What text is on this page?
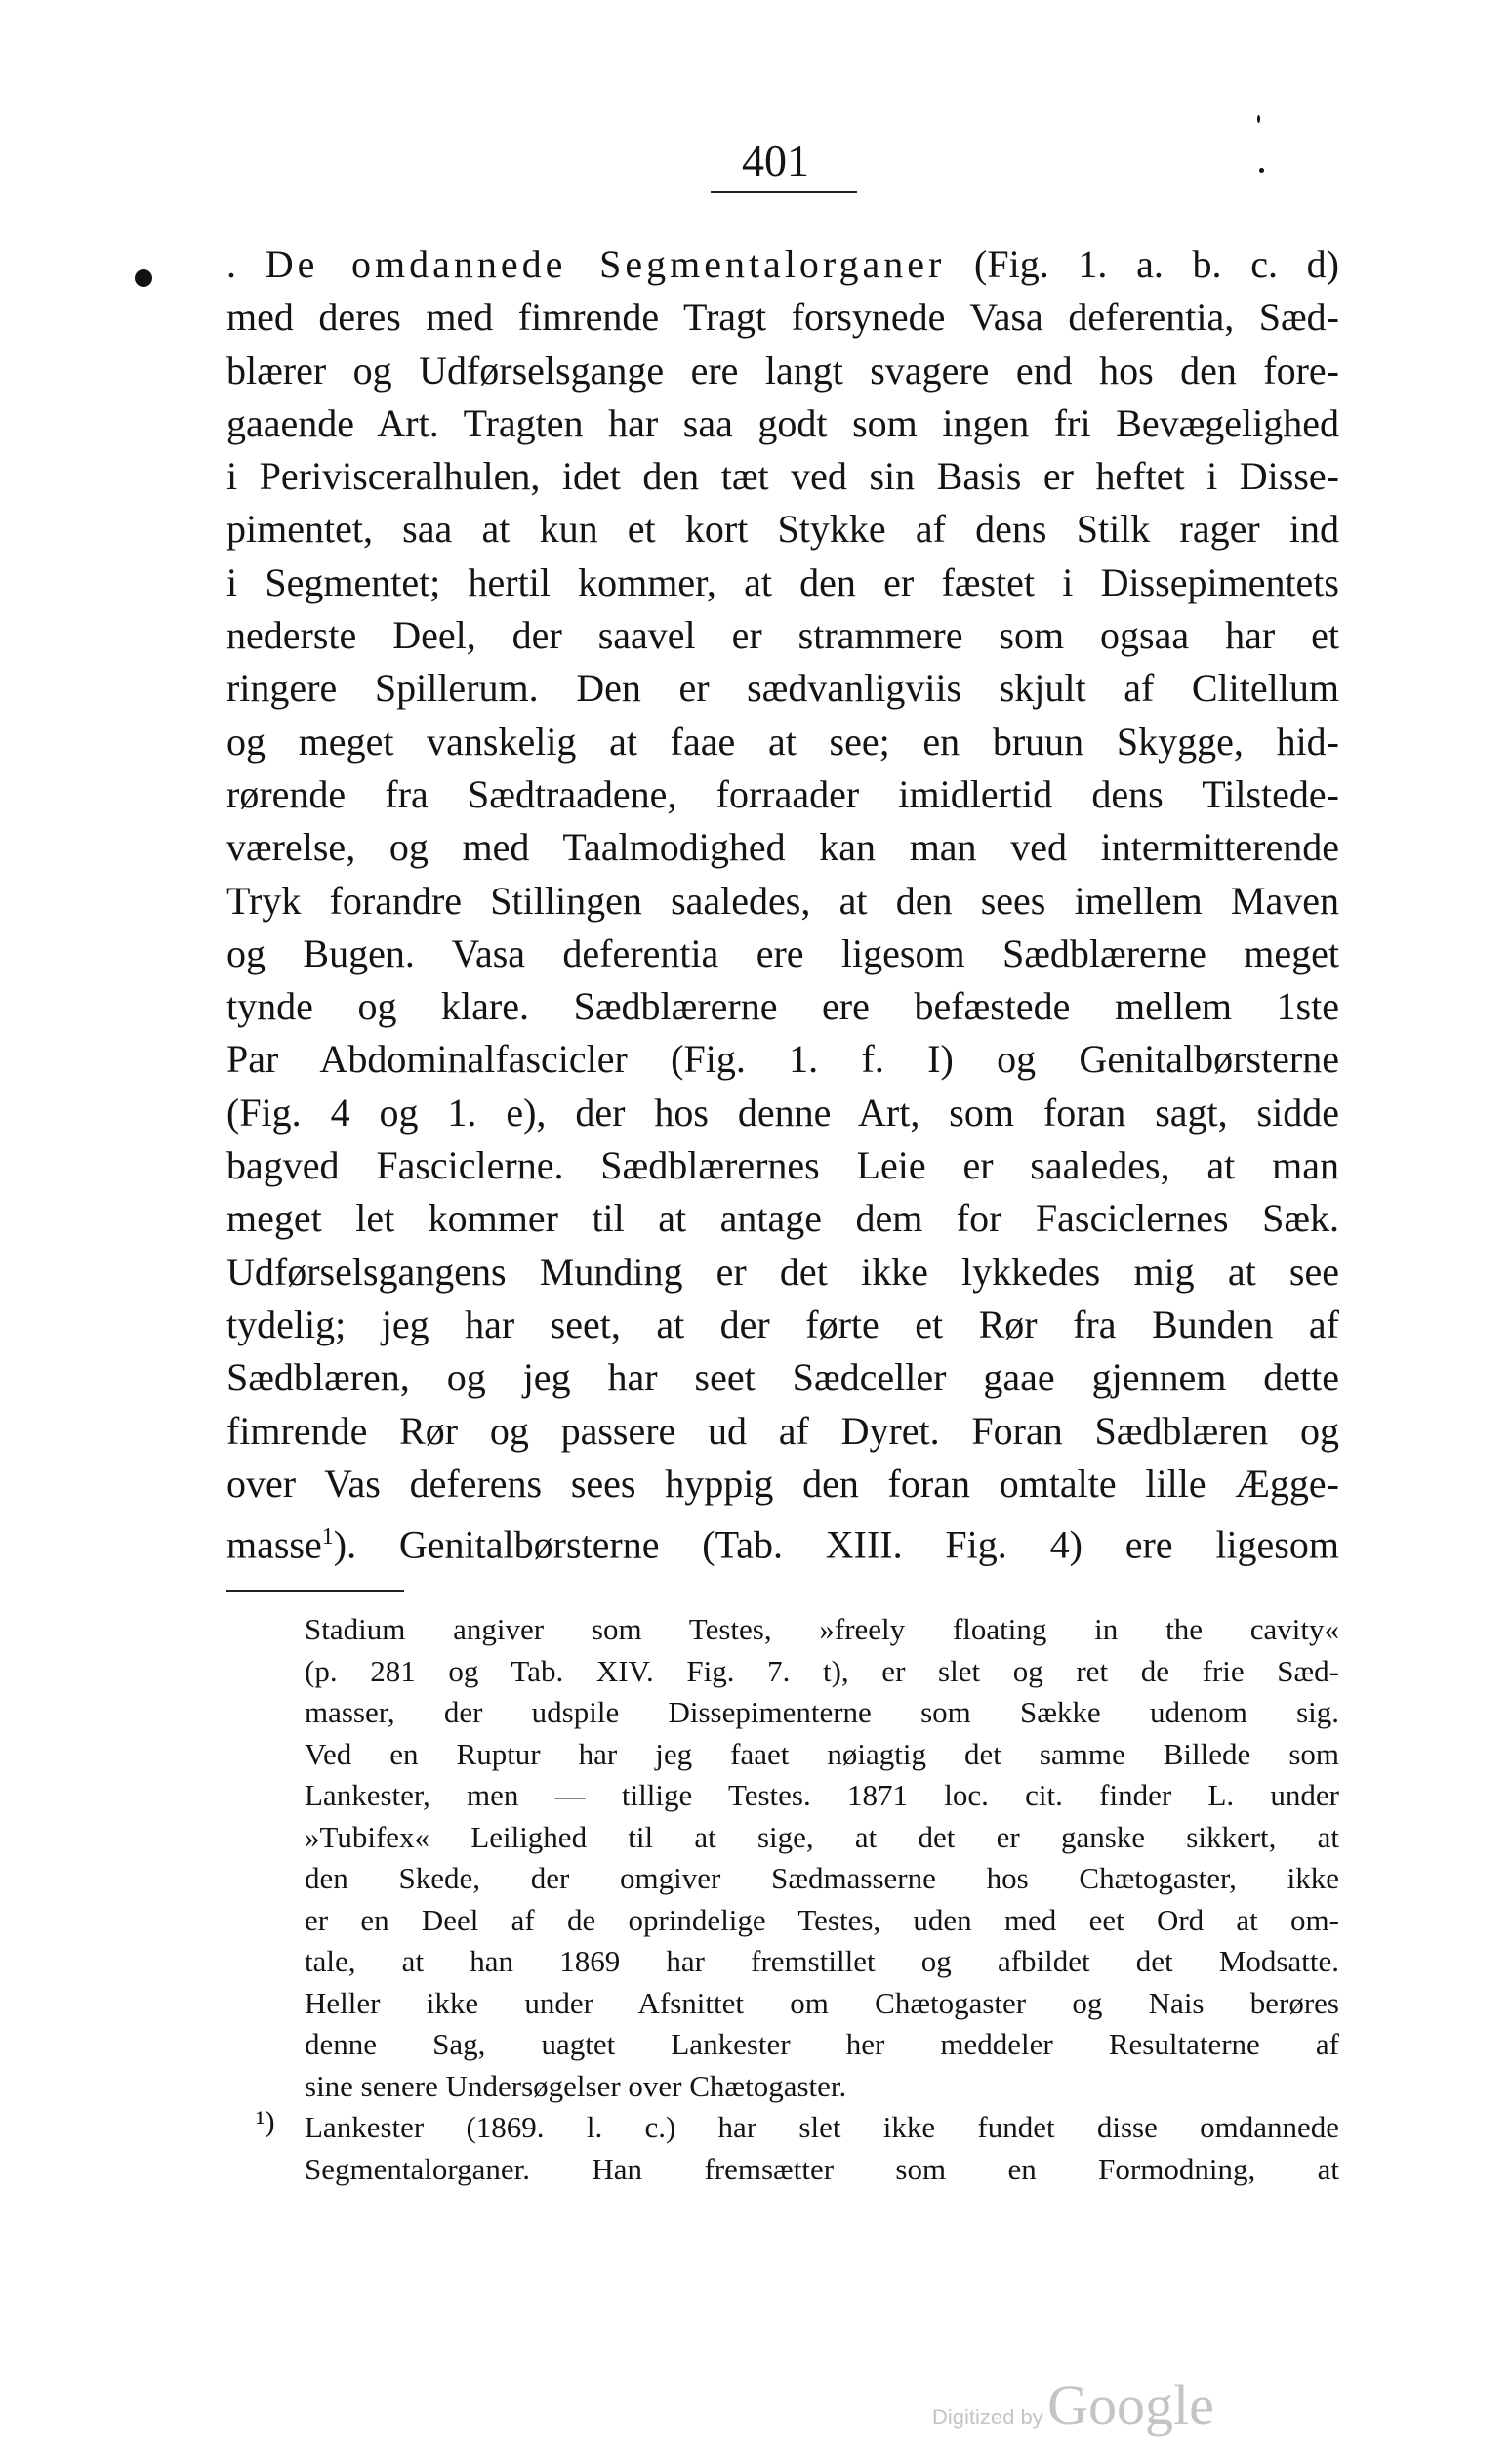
401
. De omdannede Segmentalorganer (Fig. 1. a. b. c. d)
med deres med fimrende Tragt forsynede Vasa deferentia, Sæd-
blærer og Udførselsgange ere langt svagere end hos den fore-
gaaende Art. Tragten har saa godt som ingen fri Bevægelighed
i Perivisceralhulen, idet den tæt ved sin Basis er heftet i Disse-
pimentet, saa at kun et kort Stykke af dens Stilk rager ind
i Segmentet; hertil kommer, at den er fæstet i Dissepimentets
nederste Deel, der saavel er strammere som ogsaa har et
ringere Spillerum. Den er sædvanligviis skjult af Clitellum
og meget vanskelig at faae at see; en bruun Skygge, hid-
rørende fra Sædtraadene, forraader imidlertid dens Tilstede-
værelse, og med Taalmodighed kan man ved intermitterende
Tryk forandre Stillingen saaledes, at den sees imellem Maven
og Bugen. Vasa deferentia ere ligesom Sædblærerne meget
tynde og klare. Sædblærerne ere befæstede mellem 1ste
Par Abdominalfascicler (Fig. 1. f. I) og Genitalbørsterne
(Fig. 4 og 1. e), der hos denne Art, som foran sagt, sidde
bagved Fasciclerne. Sædblærernes Leie er saaledes, at man
meget let kommer til at antage dem for Fasciclernes Sæk.
Udførselsgangens Munding er det ikke lykkedes mig at see
tydelig; jeg har seet, at der førte et Rør fra Bunden af
Sædblæren, og jeg har seet Sædceller gaae gjennem dette
fimrende Rør og passere ud af Dyret. Foran Sædblæren og
over Vas deferens sees hyppig den foran omtalte lille Ægge-
masse$^1$). Genitalbørsterne (Tab. XIII. Fig. 4) ere ligesom
Stadium angiver som Testes, »freely floating in the cavity«
(p. 281 og Tab. XIV. Fig. 7. t), er slet og ret de frie Sæd-
masser, der udspile Dissepimenterne som Sække udenom sig.
Ved en Ruptur har jeg faaet nøiagtig det samme Billede som
Lankester, men — tillige Testes. 1871 loc. cit. finder L. under
»Tubifex« Leilighed til at sige, at det er ganske sikkert, at
den Skede, der omgiver Sædmasserne hos Chætogaster, ikke
er en Deel af de oprindelige Testes, uden med eet Ord at om-
tale, at han 1869 har fremstillet og afbildet det Modsatte.
Heller ikke under Afsnittet om Chætogaster og Nais berøres
denne Sag, uagtet Lankester her meddeler Resultaterne af
sine senere Undersøgelser over Chætogaster.
Lankester (1869. l. c.) har slet ikke fundet disse omdannede
Segmentalorganer. Han fremsætter som en Formodning, at
¹)
Digitized by Google
